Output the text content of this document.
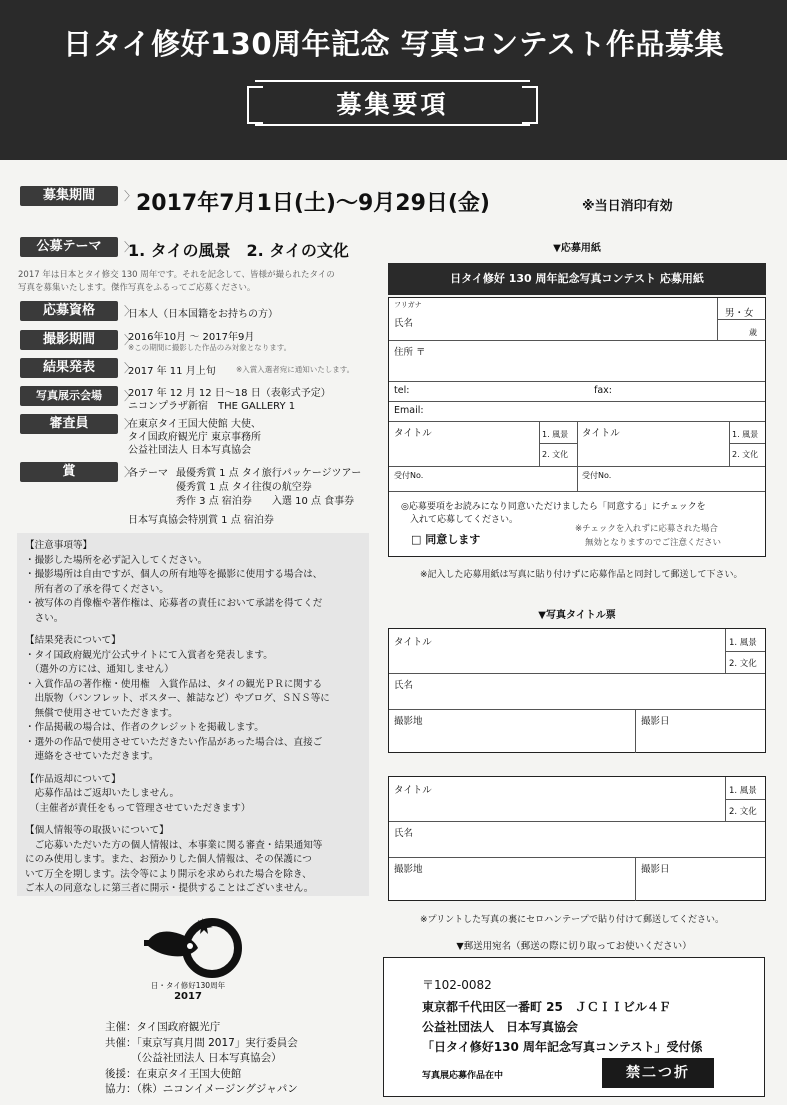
日タイ修好130周年記念 写真コンテスト作品募集
募集要項
募集期間 〉	2017年7月1日(土)～9月29日(金)	※当日消印有効
公募テーマ 〉	1. タイの風景　2. タイの文化
2017 年は日本とタイ修交 130 周年です。それを記念して、皆様が撮られたタイの
写真を募集いたします。傑作写真をふるってご応募ください。
応募資格 〉	日本人（日本国籍をお持ちの方）
撮影期間 〉	2016年10月 ～ 2017年9月
※この期間に撮影した作品のみ対象となります。
結果発表 〉	2017 年 11 月上旬	※入賞入選者宛に通知いたします。
写真展示会場 〉	2017 年 12 月 12 日～18 日（表彰式予定）
ニコンプラザ新宿　THE GALLERY 1
審査員 〉	在東京タイ王国大使館 大使、
タイ国政府観光庁 東京事務所
公益社団法人 日本写真協会
賞 〉	各テーマ 最優秀賞 1 点 タイ旅行パッケージツアー
優秀賞 1 点 タイ往復の航空券
秀作 3 点 宿泊券　　入選 10 点 食事券
日本写真協会特別賞 1 点 宿泊券

【注意事項等】

・撮影した場所を必ず記入してください。

・撮影場所は自由ですが、個人の所有地等を撮影に使用する場合は、

　所有者の了承を得てください。

・被写体の肖像権や著作権は、応募者の責任において承諾を得てくだ

　さい。

【結果発表について】

・タイ国政府観光庁公式サイトにて入賞者を発表します。

　（選外の方には、通知しません）

・入賞作品の著作権・使用権　入賞作品は、タイの観光ＰＲに関する

　出版物（パンフレット、ポスター、雑誌など）やブログ、ＳＮＳ等に

　無償で使用させていただきます。

・作品掲載の場合は、作者のクレジットを掲載します。

・選外の作品で使用させていただきたい作品があった場合は、直接ご

　連絡をさせていただきます。

【作品返却について】

　応募作品はご返却いたしません。

　（主催者が責任をもって管理させていただきます）

【個人情報等の取扱いについて】

　ご応募いただいた方の個人情報は、本事業に関る審査・結果通知等

にのみ使用します。また、お預かりした個人情報は、その保護につ

いて万全を期します。法令等により開示を求められた場合を除き、

ご本人の同意なしに第三者に開示・提供することはございません。

日・タイ修好130周年
2017
主催 ：タイ国政府観光庁
共催 ：「東京写真月間 2017」実行委員会
　（公益社団法人 日本写真協会）
後援 ：在東京タイ王国大使館
協力 ：（株）ニコンイメージングジャパン
▼応募用紙
日タイ修好 130 周年記念写真コンテスト 応募用紙
フリガナ
氏名
男・女
歳
住所 〒
tel:	fax:
Email:
タイトル	1. 風景
2. 文化
タイトル	1. 風景
2. 文化
受付No.	受付No.
◎応募要項をお読みになり同意いただけましたら「同意する」にチェックを
　入れて応募してください。
□ 同意します
※チェックを入れずに応募された場合
無効となりますのでご注意ください
※記入した応募用紙は写真に貼り付けずに応募作品と同封して郵送して下さい。
▼写真タイトル票
タイトル	1. 風景
2. 文化
氏名
撮影地	撮影日
タイトル	1. 風景
2. 文化
氏名
撮影地	撮影日
※プリントした写真の裏にセロハンテープで貼り付けて郵送してください。
▼郵送用宛名（郵送の際に切り取ってお使いください）
〒102-0082
東京都千代田区一番町 25　ＪＣＩＩビル４Ｆ
公益社団法人　日本写真協会
「日タイ修好130 周年記念写真コンテスト」受付係
写真展応募作品在中	禁二つ折
